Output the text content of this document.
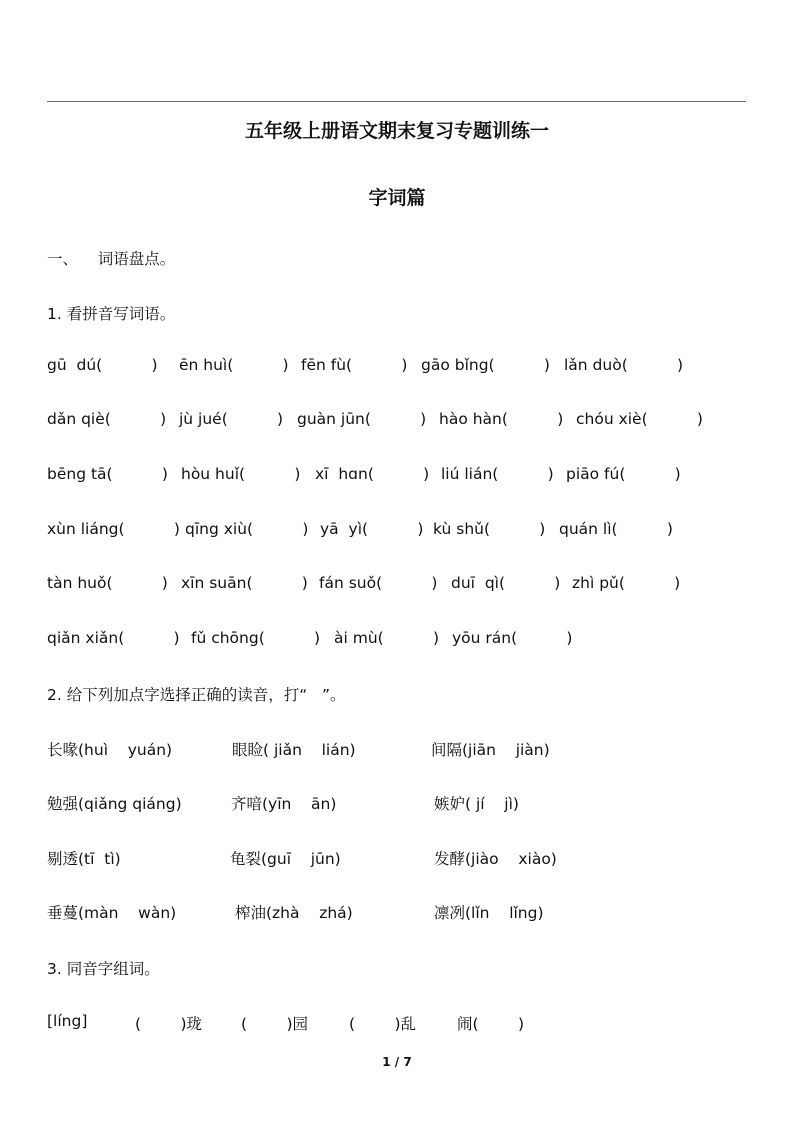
五年级上册语文期末复习专题训练一
字词篇
一、    词语盘点。
1. 看拼音写词语。
gū  dú(          ) ēn huì(          ) fēn fù(          ) gāo bǐng(          ) lǎn duò(          )
dǎn qiè(          ) jù jué(          ) guàn jūn(          ) hào hàn(          ) chóu xiè(          )
bēng tā(          ) hòu huǐ(          ) xī  hɑn(          ) liú lián(          ) piāo fú(          )
xùn liáng(          ) qīng xiù(          ) yā  yì(          ) kù shǔ(          ) quán lì(          )
tàn huǒ(          ) xīn suān(          ) fán suǒ(          ) duī  qì(          ) zhì pǔ(          )
qiǎn xiǎn(          ) fǔ chōng(          ) ài mù(          ) yōu rán(          )
2. 给下列加点字选择正确的读音，打“   ”。
长喙(huì    yuán)	眼睑( jiǎn    lián)	间隔(jiān    jiàn)
勉强(qiǎng qiáng)	齐喑(yīn    ān)	嫉妒( jí    jì)
剔透(tī  tì)	龟裂(guī    jūn)	发酵(jiào    xiào)
垂蔓(màn    wàn)	榨油(zhà    zhá)	凛冽(lǐn    lǐng)
3. 同音字组词。
[líng]	(        )珑	(        )园	(        )乱	闹(        )
1 / 7
